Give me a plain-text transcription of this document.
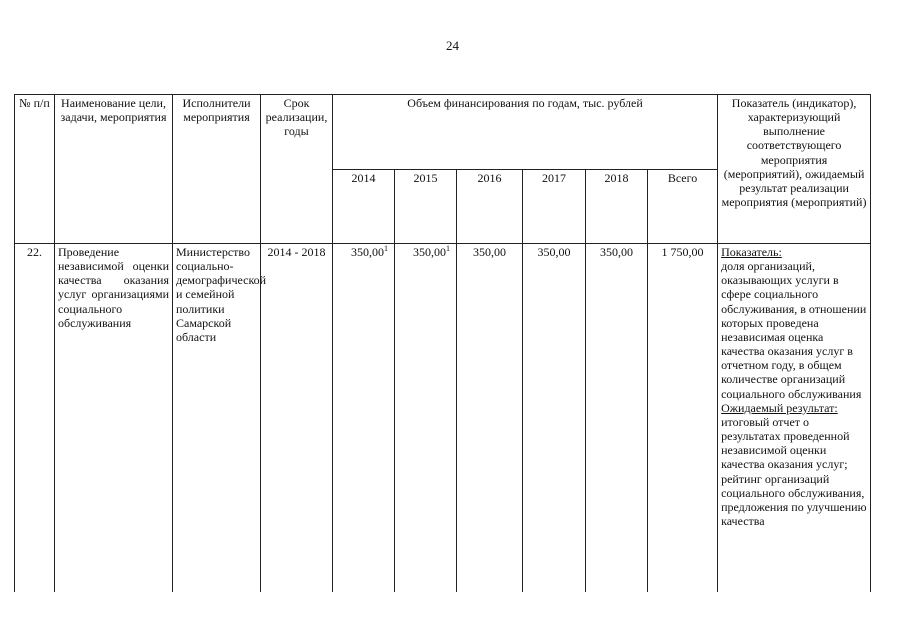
24
№ п/п	Наименование цели, задачи, мероприятия	Исполнители мероприятия	Срок реализации, годы	Объем финансирования по годам, тыс. рублей						Показатель (индикатор), характеризующий выполнение соответствующего мероприятия (мероприятий), ожидаемый результат реализации мероприятия (мероприятий)
				2014	2015	2016	2017	2018	Всего	
22.	Проведение независимой оценки качества оказания услуг организациями социального обслуживания	Министерство социально-демографической и семейной политики Самарской области	2014 - 2018	350,00$^1$	350,00$^1$	350,00	350,00	350,00	1 750,00	Показатель:
доля организаций, оказывающих услуги в сфере социального обслуживания, в отношении которых проведена независимая оценка качества оказания услуг в отчетном году, в общем количестве организаций социального обслуживания
Ожидаемый результат:
итоговый отчет о результатах проведенной независимой оценки качества оказания услуг; рейтинг организаций социального обслуживания, предложения по улучшению качества
